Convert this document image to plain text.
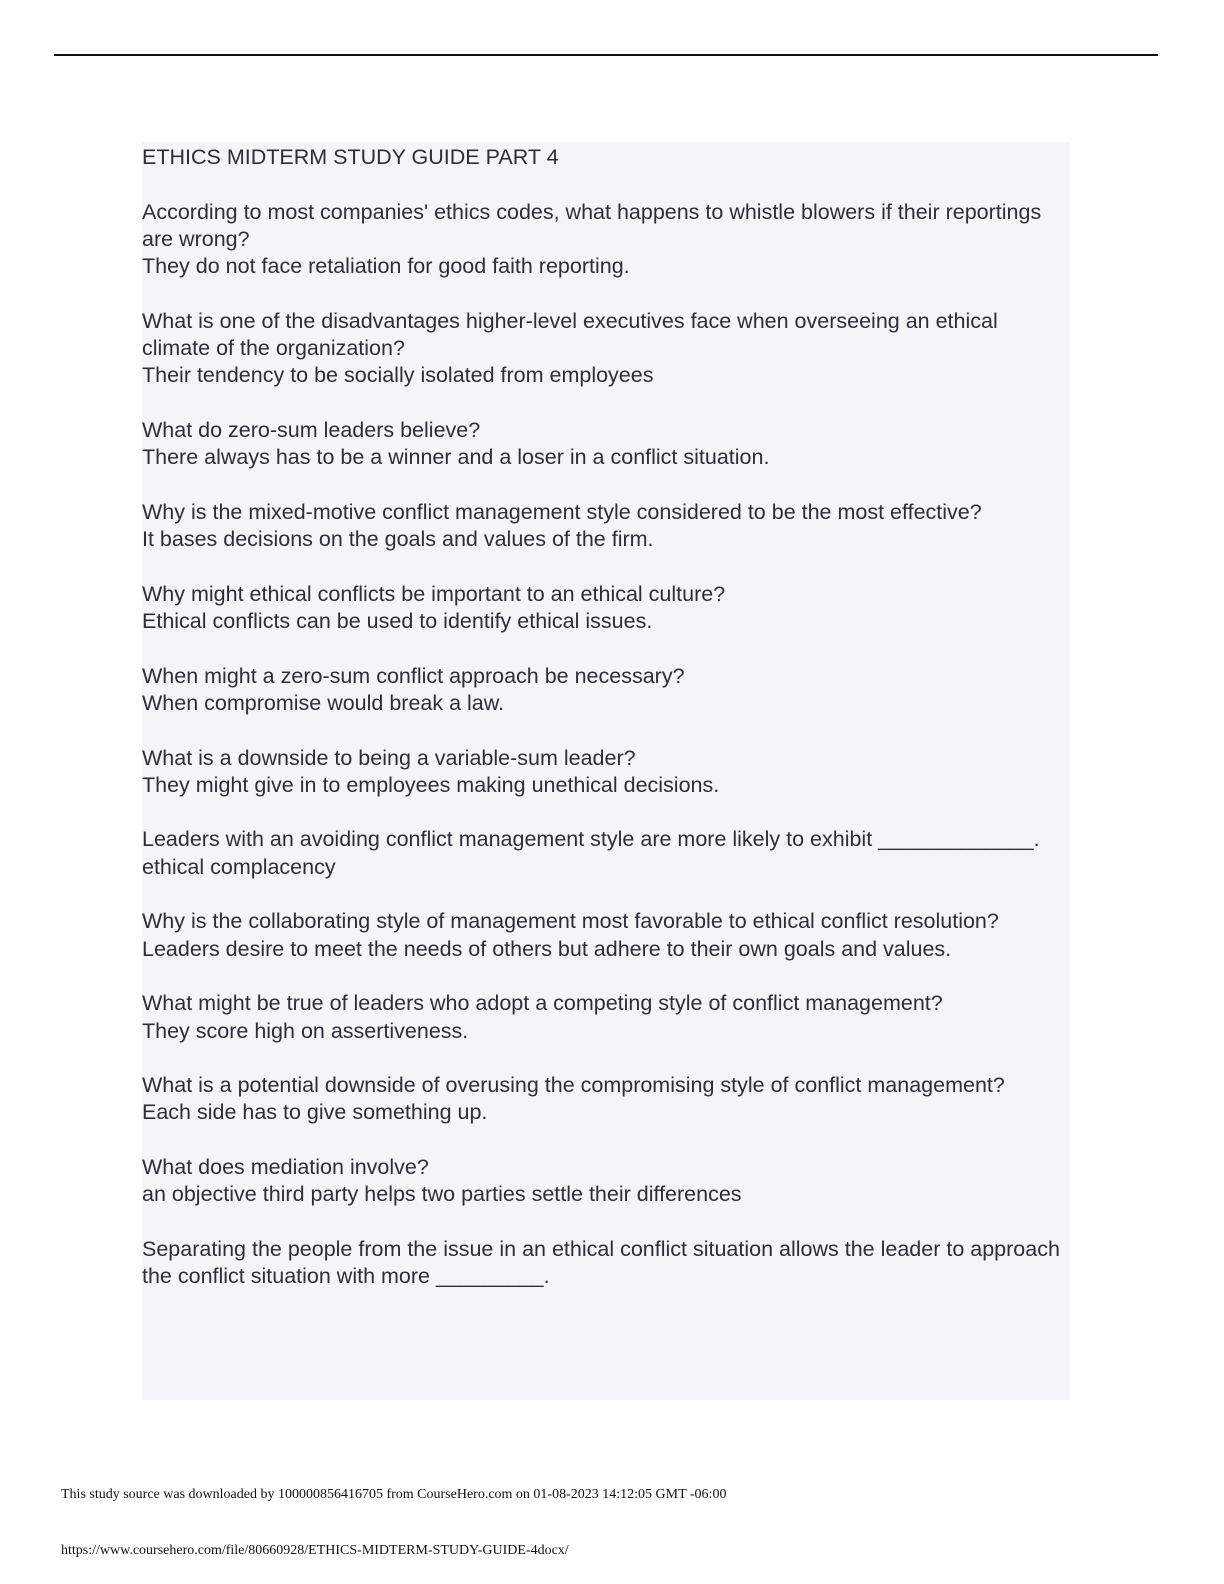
ETHICS MIDTERM STUDY GUIDE PART 4

According to most companies' ethics codes, what happens to whistle blowers if their reportings are wrong?

They do not face retaliation for good faith reporting.

What is one of the disadvantages higher-level executives face when overseeing an ethical climate of the organization?

Their tendency to be socially isolated from employees

What do zero-sum leaders believe?

There always has to be a winner and a loser in a conflict situation.

Why is the mixed-motive conflict management style considered to be the most effective?

It bases decisions on the goals and values of the firm.

Why might ethical conflicts be important to an ethical culture?

Ethical conflicts can be used to identify ethical issues.

When might a zero-sum conflict approach be necessary?

When compromise would break a law.

What is a downside to being a variable-sum leader?

They might give in to employees making unethical decisions.

Leaders with an avoiding conflict management style are more likely to exhibit _____________.

ethical complacency

Why is the collaborating style of management most favorable to ethical conflict resolution?

Leaders desire to meet the needs of others but adhere to their own goals and values.

What might be true of leaders who adopt a competing style of conflict management?

They score high on assertiveness.

What is a potential downside of overusing the compromising style of conflict management?

Each side has to give something up.

What does mediation involve?

an objective third party helps two parties settle their differences

Separating the people from the issue in an ethical conflict situation allows the leader to approach the conflict situation with more _________.

This study source was downloaded by 100000856416705 from CourseHero.com on 01-08-2023 14:12:05 GMT -06:00
https://www.coursehero.com/file/80660928/ETHICS-MIDTERM-STUDY-GUIDE-4docx/
